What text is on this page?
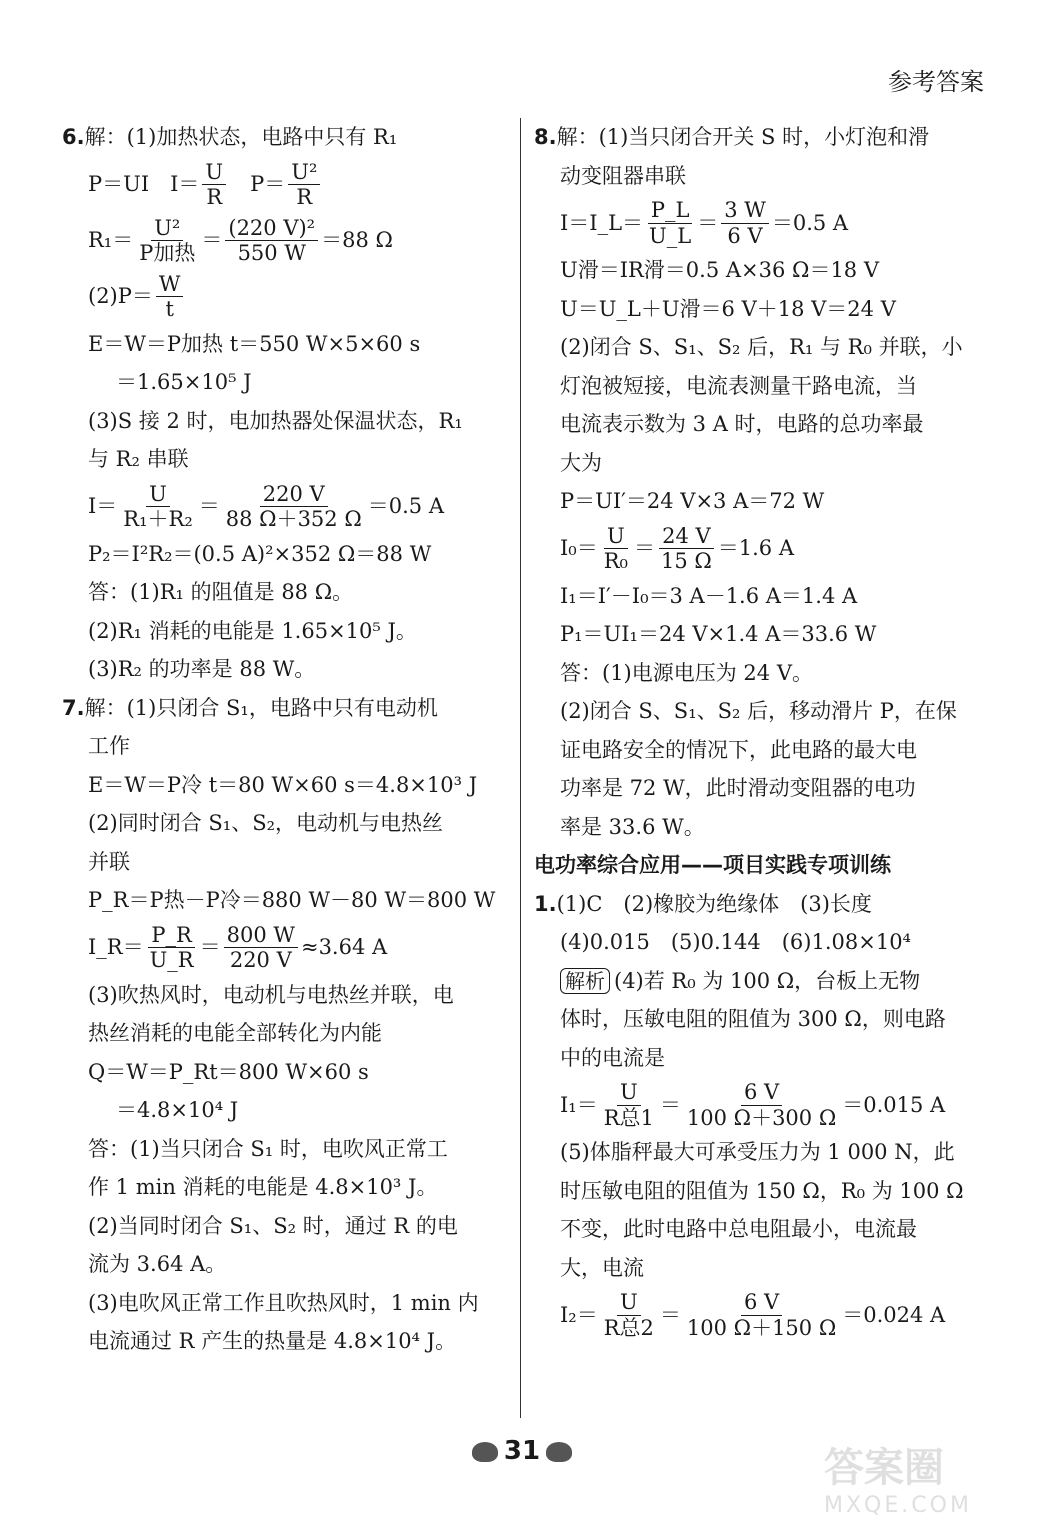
参考答案
6.解：(1)加热状态，电路中只有 R₁
P＝UI
  I＝
U
R

P＝
U²
R
R₁＝
U²
P加热
＝
(220 V)²
550 W
＝88 Ω
(2)P＝
W
t
E＝W＝P加热 t＝550 W×5×60 s
＝1.65×10⁵ J
(3)S 接 2 时，电加热器处保温状态，R₁
与 R₂ 串联
I＝
U
R₁＋R₂
＝
220 V
88 Ω＋352 Ω
＝0.5 A
P₂＝I²R₂＝(0.5 A)²×352 Ω＝88 W
答：(1)R₁ 的阻值是 88 Ω。
(2)R₁ 消耗的电能是 1.65×10⁵ J。
(3)R₂ 的功率是 88 W。
7.解：(1)只闭合 S₁，电路中只有电动机
工作
E＝W＝P冷 t＝80 W×60 s＝4.8×10³ J
(2)同时闭合 S₁、S₂，电动机与电热丝
并联
P_R＝P热－P冷＝880 W－80 W＝800 W
I_R＝
P_R
U_R
＝ $\frac{800 W}{220 V} \approx 3.64$ A
(3)吹热风时，电动机与电热丝并联，电
热丝消耗的电能全部转化为内能
Q＝W＝P_Rt＝800 W×60 s
＝4.8×10⁴ J
答：(1)当只闭合 S₁ 时，电吹风正常工
作 1 min 消耗的电能是 4.8×10³ J。
(2)当同时闭合 S₁、S₂ 时，通过 R 的电
流为 3.64 A。
(3)电吹风正常工作且吹热风时，1 min 内
电流通过 R 产生的热量是 4.8×10⁴ J。
8.解：(1)当只闭合开关 S 时，小灯泡和滑
动变阻器串联
I＝I_L＝
P_L
U_L
＝
3 W
6 V
＝0.5 A
U滑＝IR滑＝0.5 A×36 Ω＝18 V
U＝U_L＋U滑＝6 V＋18 V＝24 V
(2)闭合 S、S₁、S₂ 后，R₁ 与 R₀ 并联，小
灯泡被短接，电流表测量干路电流，当
电流表示数为 3 A 时，电路的总功率最
大为
P＝UI′＝24 V×3 A＝72 W
I₀＝
U
R₀
＝
24 V
15 Ω
＝1.6 A
I₁＝I′－I₀＝3 A－1.6 A＝1.4 A
P₁＝UI₁＝24 V×1.4 A＝33.6 W
答：(1)电源电压为 24 V。
(2)闭合 S、S₁、S₂ 后，移动滑片 P，在保
证电路安全的情况下，此电路的最大电
功率是 72 W，此时滑动变阻器的电功
率是 33.6 W。
电功率综合应用——项目实践专项训练
1.(1)C　(2)橡胶为绝缘体　(3)长度
(4)0.015　(5)0.144　(6)1.08×10⁴
解析 (4)若 R₀ 为 100 Ω，台板上无物
体时，压敏电阻的阻值为 300 Ω，则电路
中的电流是
I₁＝
U
R总1
＝
6 V
100 Ω＋300 Ω
＝0.015 A
(5)体脂秤最大可承受压力为 1 000 N，此
时压敏电阻的阻值为 150 Ω，R₀ 为 100 Ω
不变，此时电路中总电阻最小，电流最
大，电流
I₂＝
U
R总2
＝
6 V
100 Ω＋150 Ω
＝0.024 A
31	答案圈
MXQE.COM
